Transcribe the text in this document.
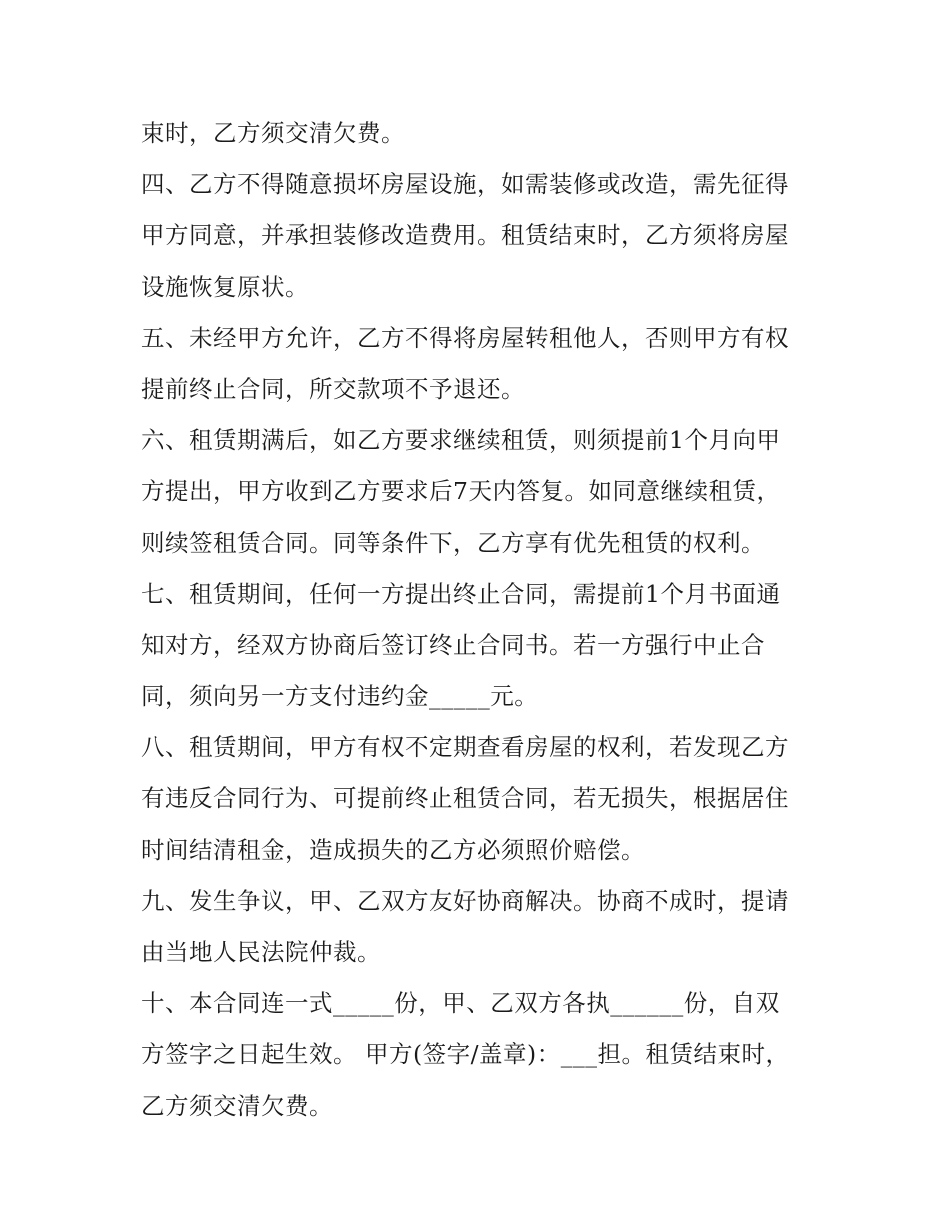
束时，乙方须交清欠费。
四、乙方不得随意损坏房屋设施，如需装修或改造，需先征得
甲方同意，并承担装修改造费用。租赁结束时，乙方须将房屋
设施恢复原状。
五、未经甲方允许，乙方不得将房屋转租他人，否则甲方有权
提前终止合同，所交款项不予退还。
六、租赁期满后，如乙方要求继续租赁，则须提前1个月向甲
方提出，甲方收到乙方要求后7天内答复。如同意继续租赁，
则续签租赁合同。同等条件下，乙方享有优先租赁的权利。
七、租赁期间，任何一方提出终止合同，需提前1个月书面通
知对方，经双方协商后签订终止合同书。若一方强行中止合
同，须向另一方支付违约金_____元。
八、租赁期间，甲方有权不定期查看房屋的权利，若发现乙方
有违反合同行为、可提前终止租赁合同，若无损失，根据居住
时间结清租金，造成损失的乙方必须照价赔偿。
九、发生争议，甲、乙双方友好协商解决。协商不成时，提请
由当地人民法院仲裁。
十、本合同连一式_____份，甲、乙双方各执______份，自双
方签字之日起生效。 甲方(签字/盖章)：___担。租赁结束时，
乙方须交清欠费。
